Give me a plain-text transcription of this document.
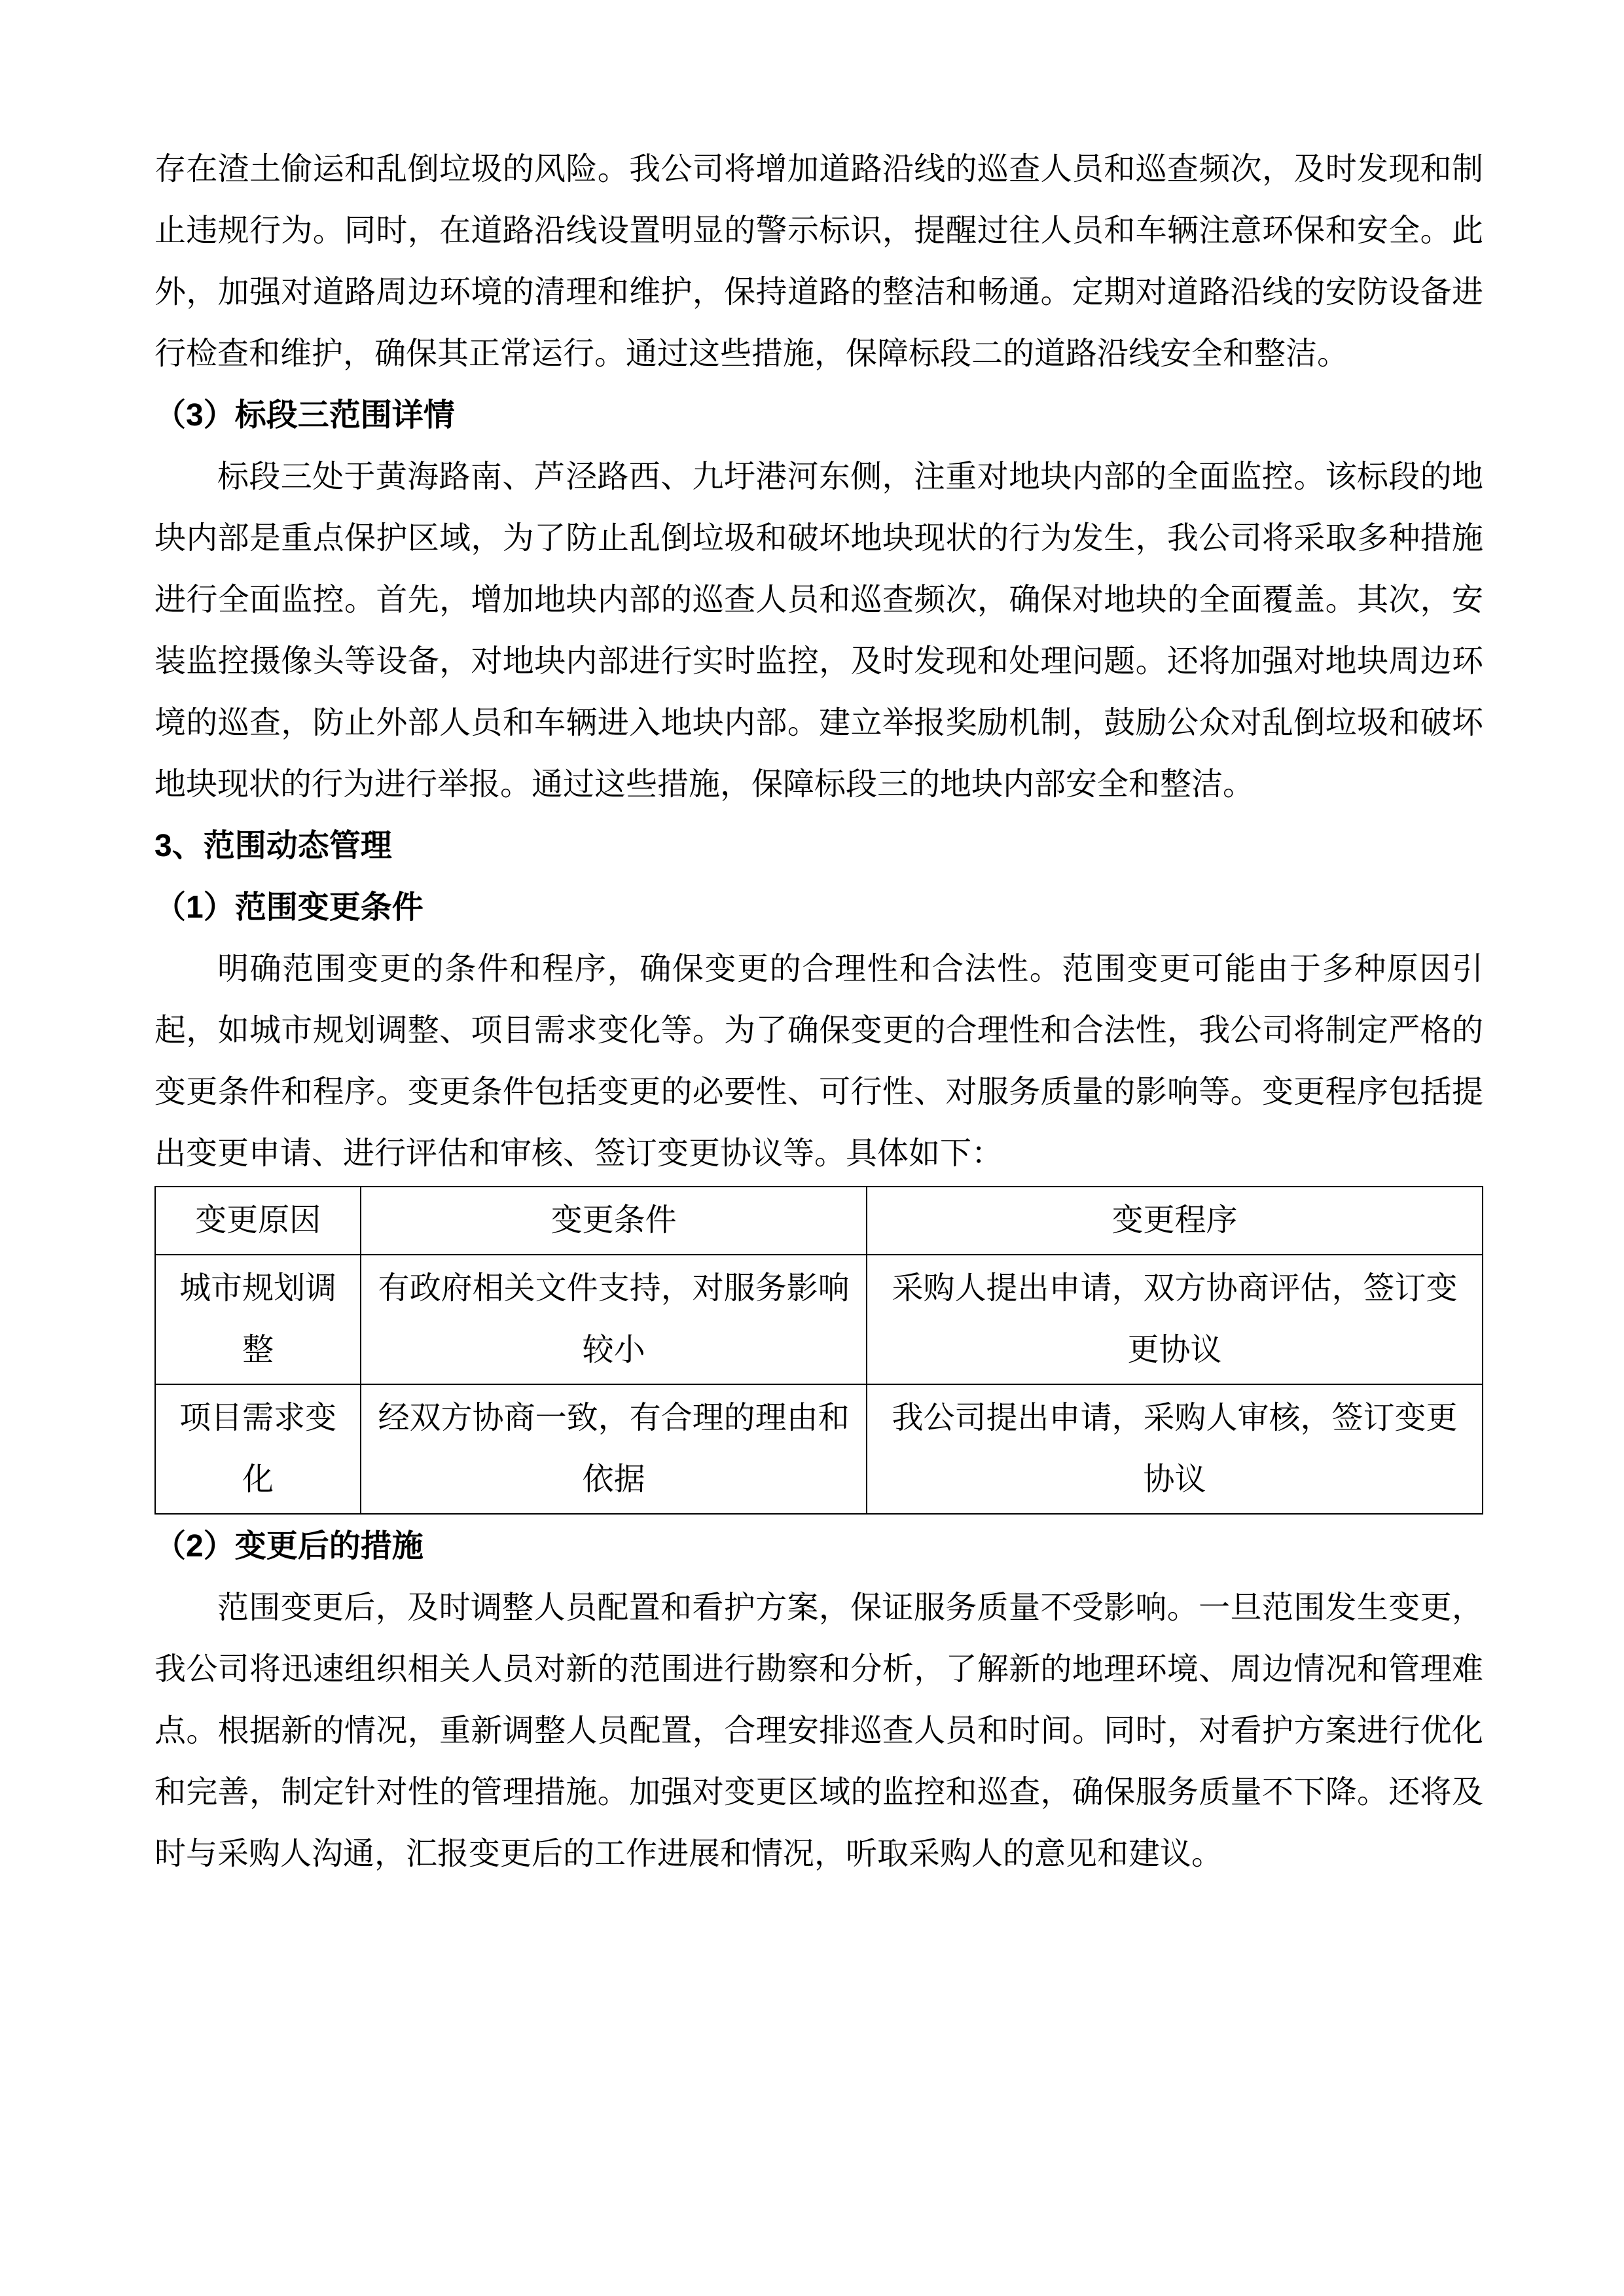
存在渣土偷运和乱倒垃圾的风险。我公司将增加道路沿线的巡查人员和巡查频次，及时发现和制止违规行为。同时，在道路沿线设置明显的警示标识，提醒过往人员和车辆注意环保和安全。此外，加强对道路周边环境的清理和维护，保持道路的整洁和畅通。定期对道路沿线的安防设备进行检查和维护，确保其正常运行。通过这些措施，保障标段二的道路沿线安全和整洁。

（3）标段三范围详情

标段三处于黄海路南、芦泾路西、九圩港河东侧，注重对地块内部的全面监控。该标段的地块内部是重点保护区域，为了防止乱倒垃圾和破坏地块现状的行为发生，我公司将采取多种措施进行全面监控。首先，增加地块内部的巡查人员和巡查频次，确保对地块的全面覆盖。其次，安装监控摄像头等设备，对地块内部进行实时监控，及时发现和处理问题。还将加强对地块周边环境的巡查，防止外部人员和车辆进入地块内部。建立举报奖励机制，鼓励公众对乱倒垃圾和破坏地块现状的行为进行举报。通过这些措施，保障标段三的地块内部安全和整洁。

3、范围动态管理
（1）范围变更条件

明确范围变更的条件和程序，确保变更的合理性和合法性。范围变更可能由于多种原因引起，如城市规划调整、项目需求变化等。为了确保变更的合理性和合法性，我公司将制定严格的变更条件和程序。变更条件包括变更的必要性、可行性、对服务质量的影响等。变更程序包括提出变更申请、进行评估和审核、签订变更协议等。具体如下：

变更原因	变更条件	变更程序
城市规划调整	有政府相关文件支持，对服务影响较小	采购人提出申请，双方协商评估，签订变更协议
项目需求变化	经双方协商一致，有合理的理由和依据	我公司提出申请，采购人审核，签订变更协议
（2）变更后的措施

范围变更后，及时调整人员配置和看护方案，保证服务质量不受影响。一旦范围发生变更，我公司将迅速组织相关人员对新的范围进行勘察和分析，了解新的地理环境、周边情况和管理难点。根据新的情况，重新调整人员配置，合理安排巡查人员和时间。同时，对看护方案进行优化和完善，制定针对性的管理措施。加强对变更区域的监控和巡查，确保服务质量不下降。还将及时与采购人沟通，汇报变更后的工作进展和情况，听取采购人的意见和建议。
